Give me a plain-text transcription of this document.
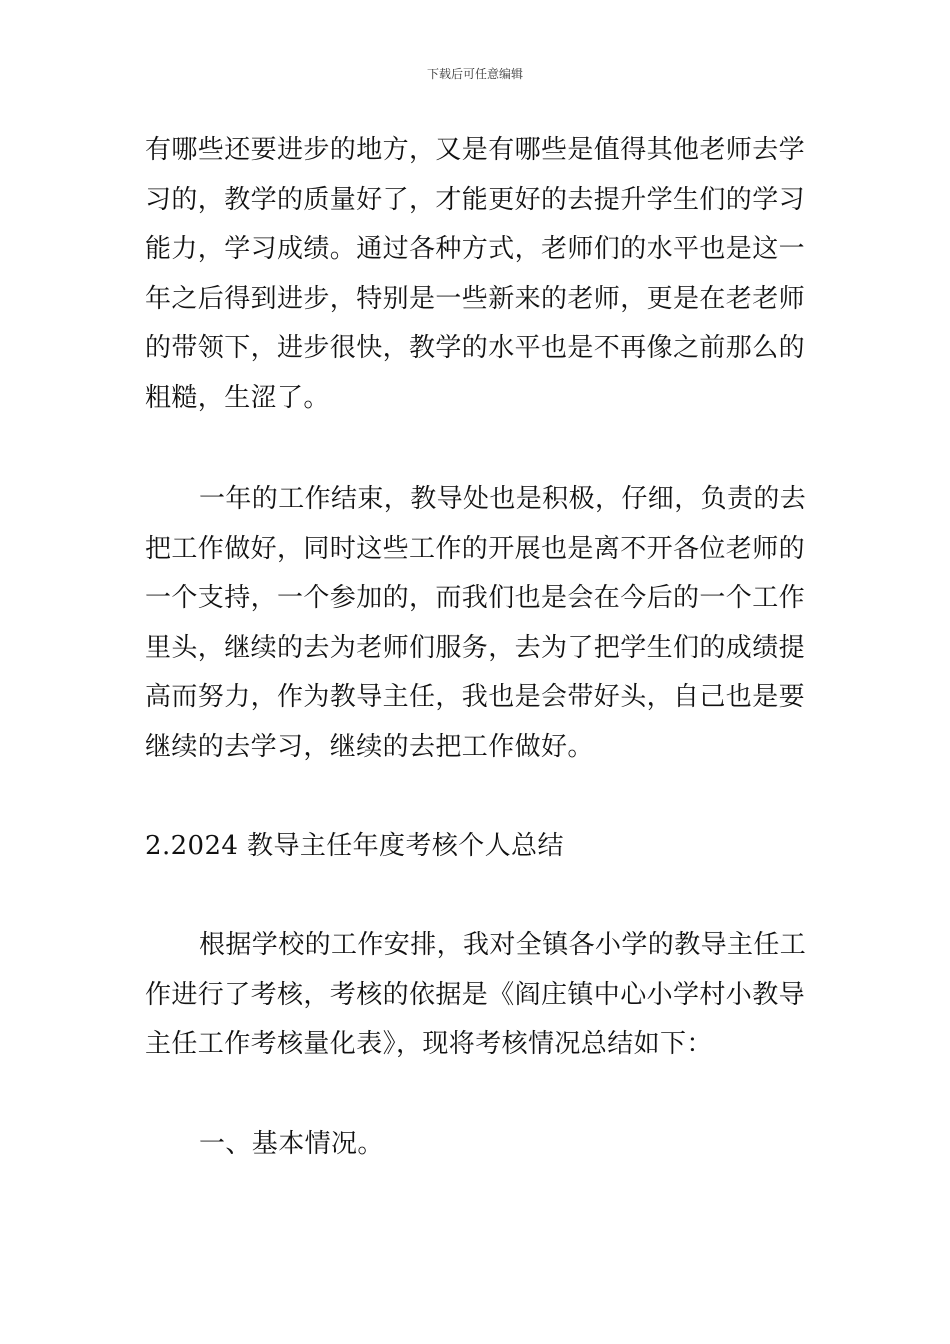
下载后可任意编辑
有哪些还要进步的地方，又是有哪些是值得其他老师去学
习的，教学的质量好了，才能更好的去提升学生们的学习
能力，学习成绩。通过各种方式，老师们的水平也是这一
年之后得到进步，特别是一些新来的老师，更是在老老师
的带领下，进步很快，教学的水平也是不再像之前那么的
粗糙，生涩了。
一年的工作结束，教导处也是积极，仔细，负责的去
把工作做好，同时这些工作的开展也是离不开各位老师的
一个支持，一个参加的，而我们也是会在今后的一个工作
里头，继续的去为老师们服务，去为了把学生们的成绩提
高而努力，作为教导主任，我也是会带好头，自己也是要
继续的去学习，继续的去把工作做好。
2.2024 教导主任年度考核个人总结
根据学校的工作安排，我对全镇各小学的教导主任工
作进行了考核，考核的依据是《阎庄镇中心小学村小教导
主任工作考核量化表》，现将考核情况总结如下：
一、基本情况。
